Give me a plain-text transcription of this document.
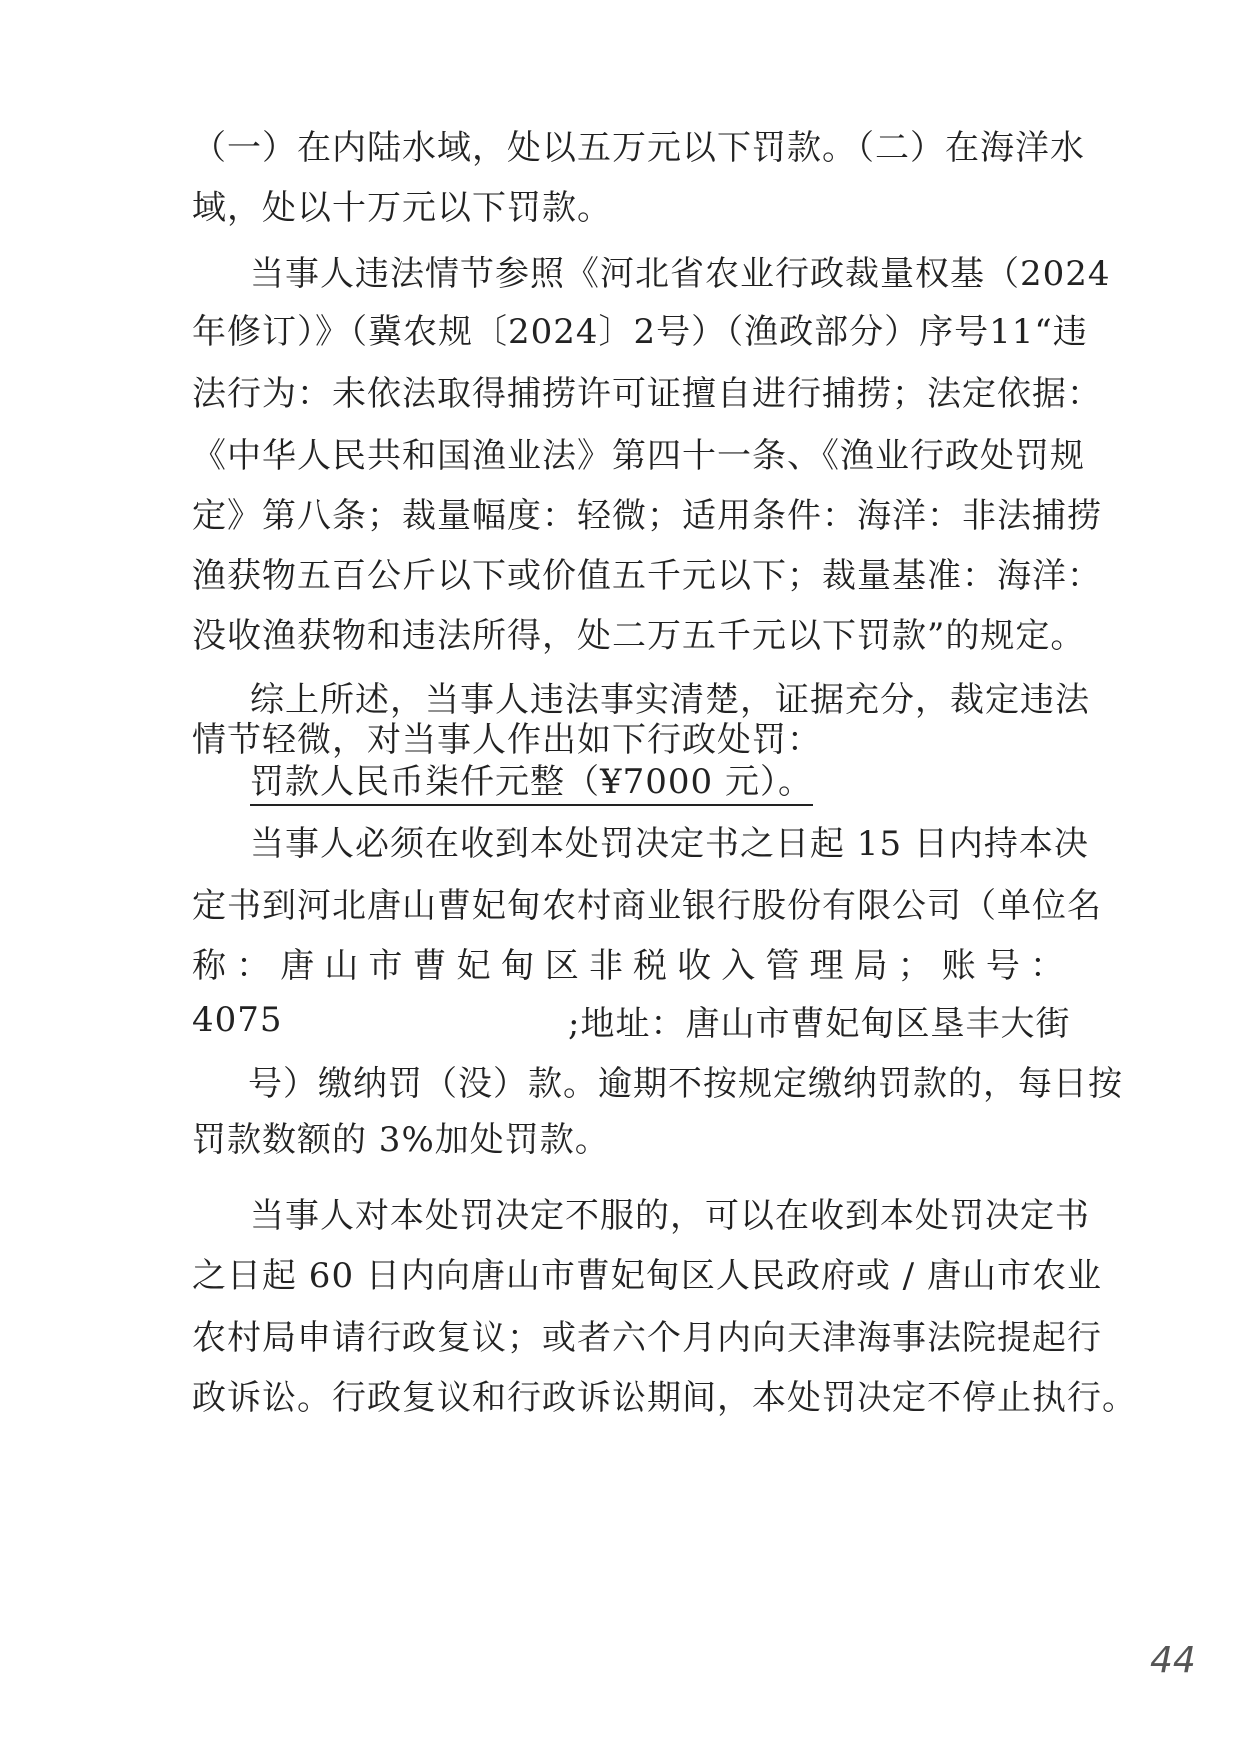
（一）在内陆水域，处以五万元以下罚款。（二）在海洋水
域，处以十万元以下罚款。
当事人违法情节参照《河北省农业行政裁量权基（2024
年修订）》（冀农规〔2024〕2号）（渔政部分）序号11“违
法行为：未依法取得捕捞许可证擅自进行捕捞；法定依据：
《中华人民共和国渔业法》第四十一条、《渔业行政处罚规
定》第八条；裁量幅度：轻微；适用条件：海洋：非法捕捞
渔获物五百公斤以下或价值五千元以下；裁量基准：海洋：
没收渔获物和违法所得，处二万五千元以下罚款”的规定。
综上所述，当事人违法事实清楚，证据充分，裁定违法
情节轻微，对当事人作出如下行政处罚：
罚款人民币柒仟元整（¥7000 元）。
当事人必须在收到本处罚决定书之日起 15 日内持本决
定书到河北唐山曹妃甸农村商业银行股份有限公司（单位名
称：唐山市曹妃甸区非税收入管理局；账号：
4075	;地址：唐山市曹妃甸区垦丰大街
号）缴纳罚（没）款。逾期不按规定缴纳罚款的，每日按
罚款数额的 3%加处罚款。
当事人对本处罚决定不服的，可以在收到本处罚决定书
之日起 60 日内向唐山市曹妃甸区人民政府或 / 唐山市农业
农村局申请行政复议；或者六个月内向天津海事法院提起行
政诉讼。行政复议和行政诉讼期间，本处罚决定不停止执行。
44
